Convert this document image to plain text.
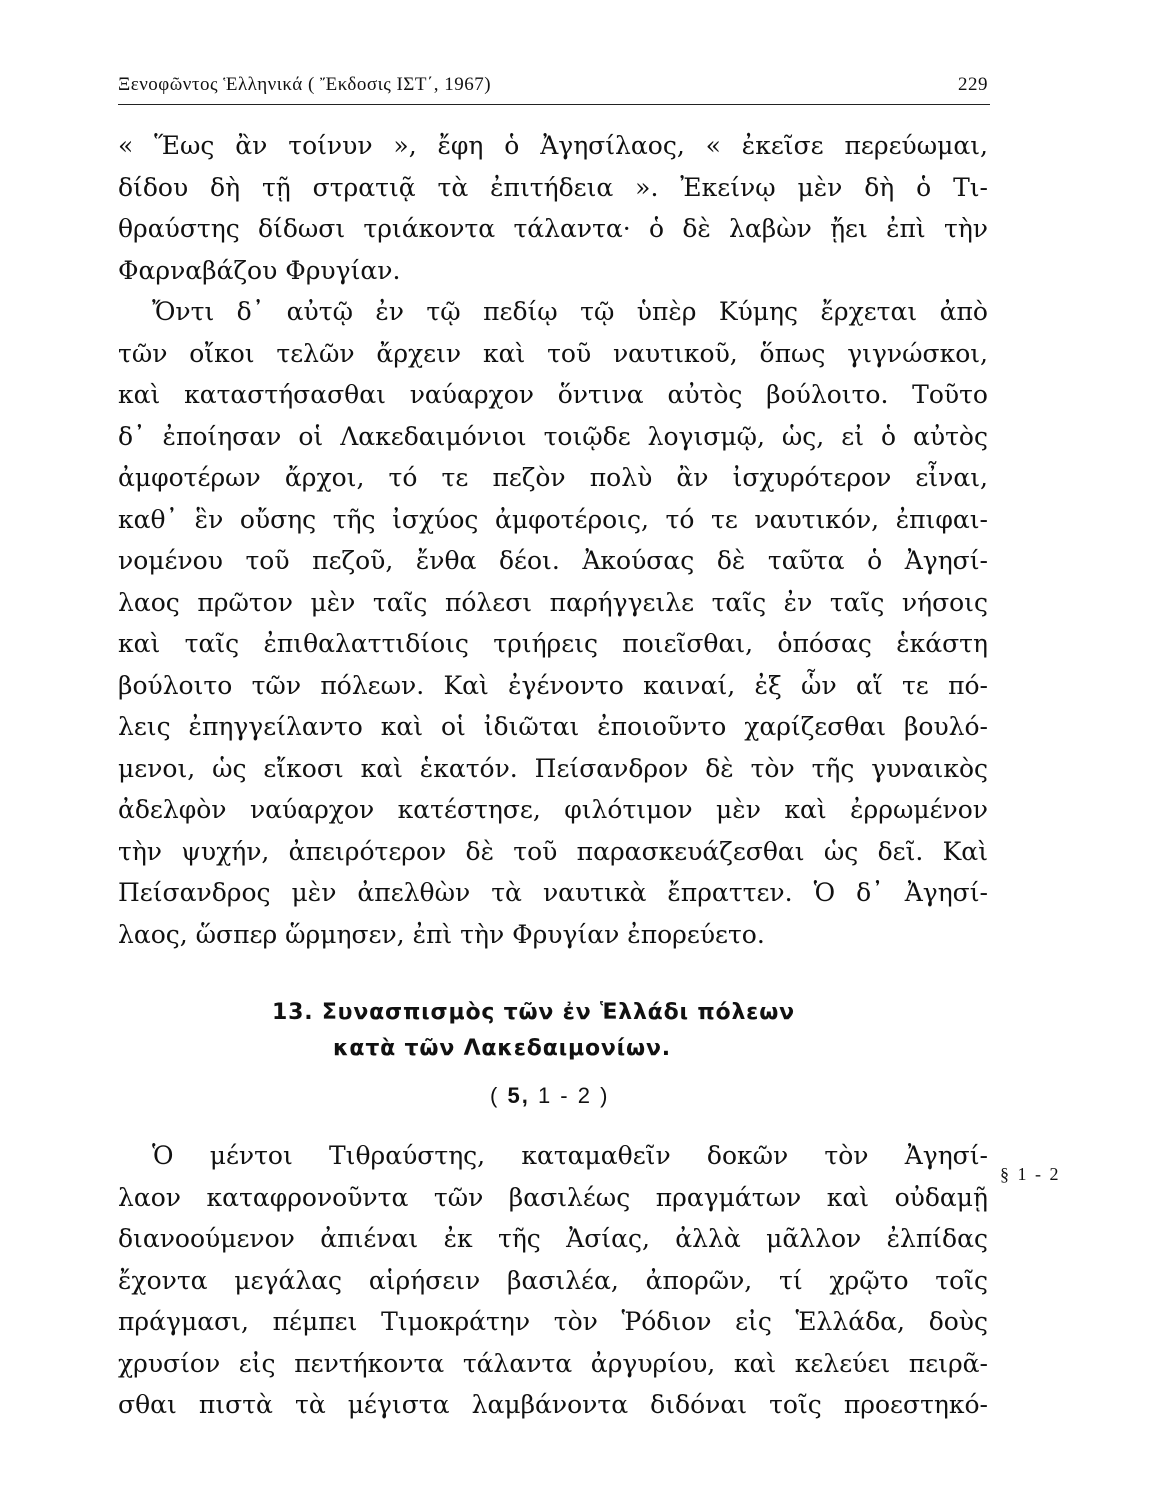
Ξενοφῶντος Ἑλληνικά ( Ἔκδοσις ΙΣΤ΄, 1967)	229
« Ἕως ἂν τοίνυν », ἔφη ὁ Ἀγησίλαος, « ἐκεῖσε περεύωμαι,
δίδου δὴ τῇ στρατιᾷ τὰ ἐπιτήδεια ». Ἐκείνῳ μὲν δὴ ὁ Τι-
θραύστης δίδωσι τριάκοντα τάλαντα· ὁ δὲ λαβὼν ᾔει ἐπὶ τὴν
Φαρναβάζου Φρυγίαν.
Ὄντι δ᾽ αὐτῷ ἐν τῷ πεδίῳ τῷ ὑπὲρ Κύμης ἔρχεται ἀπὸ
τῶν οἴκοι τελῶν ἄρχειν καὶ τοῦ ναυτικοῦ, ὅπως γιγνώσκοι,
καὶ καταστήσασθαι ναύαρχον ὅντινα αὐτὸς βούλοιτο. Τοῦτο
δ᾽ ἐποίησαν οἱ Λακεδαιμόνιοι τοιῷδε λογισμῷ, ὡς, εἰ ὁ αὐτὸς
ἀμφοτέρων ἄρχοι, τό τε πεζὸν πολὺ ἂν ἰσχυρότερον εἶναι,
καθ᾽ ἓν οὔσης τῆς ἰσχύος ἀμφοτέροις, τό τε ναυτικόν, ἐπιφαι-
νομένου τοῦ πεζοῦ, ἔνθα δέοι. Ἀκούσας δὲ ταῦτα ὁ Ἀγησί-
λαος πρῶτον μὲν ταῖς πόλεσι παρήγγειλε ταῖς ἐν ταῖς νήσοις
καὶ ταῖς ἐπιθαλαττιδίοις τριήρεις ποιεῖσθαι, ὁπόσας ἑκάστη
βούλοιτο τῶν πόλεων. Καὶ ἐγένοντο καιναί, ἐξ ὧν αἵ τε πό-
λεις ἐπηγγείλαντο καὶ οἱ ἰδιῶται ἐποιοῦντο χαρίζεσθαι βουλό-
μενοι, ὡς εἴκοσι καὶ ἑκατόν. Πείσανδρον δὲ τὸν τῆς γυναικὸς
ἀδελφὸν ναύαρχον κατέστησε, φιλότιμον μὲν καὶ ἐρρωμένον
τὴν ψυχήν, ἀπειρότερον δὲ τοῦ παρασκευάζεσθαι ὡς δεῖ. Καὶ
Πείσανδρος μὲν ἀπελθὼν τὰ ναυτικὰ ἔπραττεν. Ὁ δ᾽ Ἀγησί-
λαος, ὥσπερ ὥρμησεν, ἐπὶ τὴν Φρυγίαν ἐπορεύετο.
13. Συνασπισμὸς τῶν ἐν Ἑλλάδι πόλεων
κατὰ τῶν Λακεδαιμονίων.
( 5, 1 - 2 )
§ 1 - 2
Ὁ μέντοι Τιθραύστης, καταμαθεῖν δοκῶν τὸν Ἀγησί-
λαον καταφρονοῦντα τῶν βασιλέως πραγμάτων καὶ οὐδαμῇ
διανοούμενον ἀπιέναι ἐκ τῆς Ἀσίας, ἀλλὰ μᾶλλον ἐλπίδας
ἔχοντα μεγάλας αἱρήσειν βασιλέα, ἀπορῶν, τί χρῷτο τοῖς
πράγμασι, πέμπει Τιμοκράτην τὸν Ῥόδιον εἰς Ἑλλάδα, δοὺς
χρυσίον εἰς πεντήκοντα τάλαντα ἀργυρίου, καὶ κελεύει πειρᾶ-
σθαι πιστὰ τὰ μέγιστα λαμβάνοντα διδόναι τοῖς προεστηκό-
